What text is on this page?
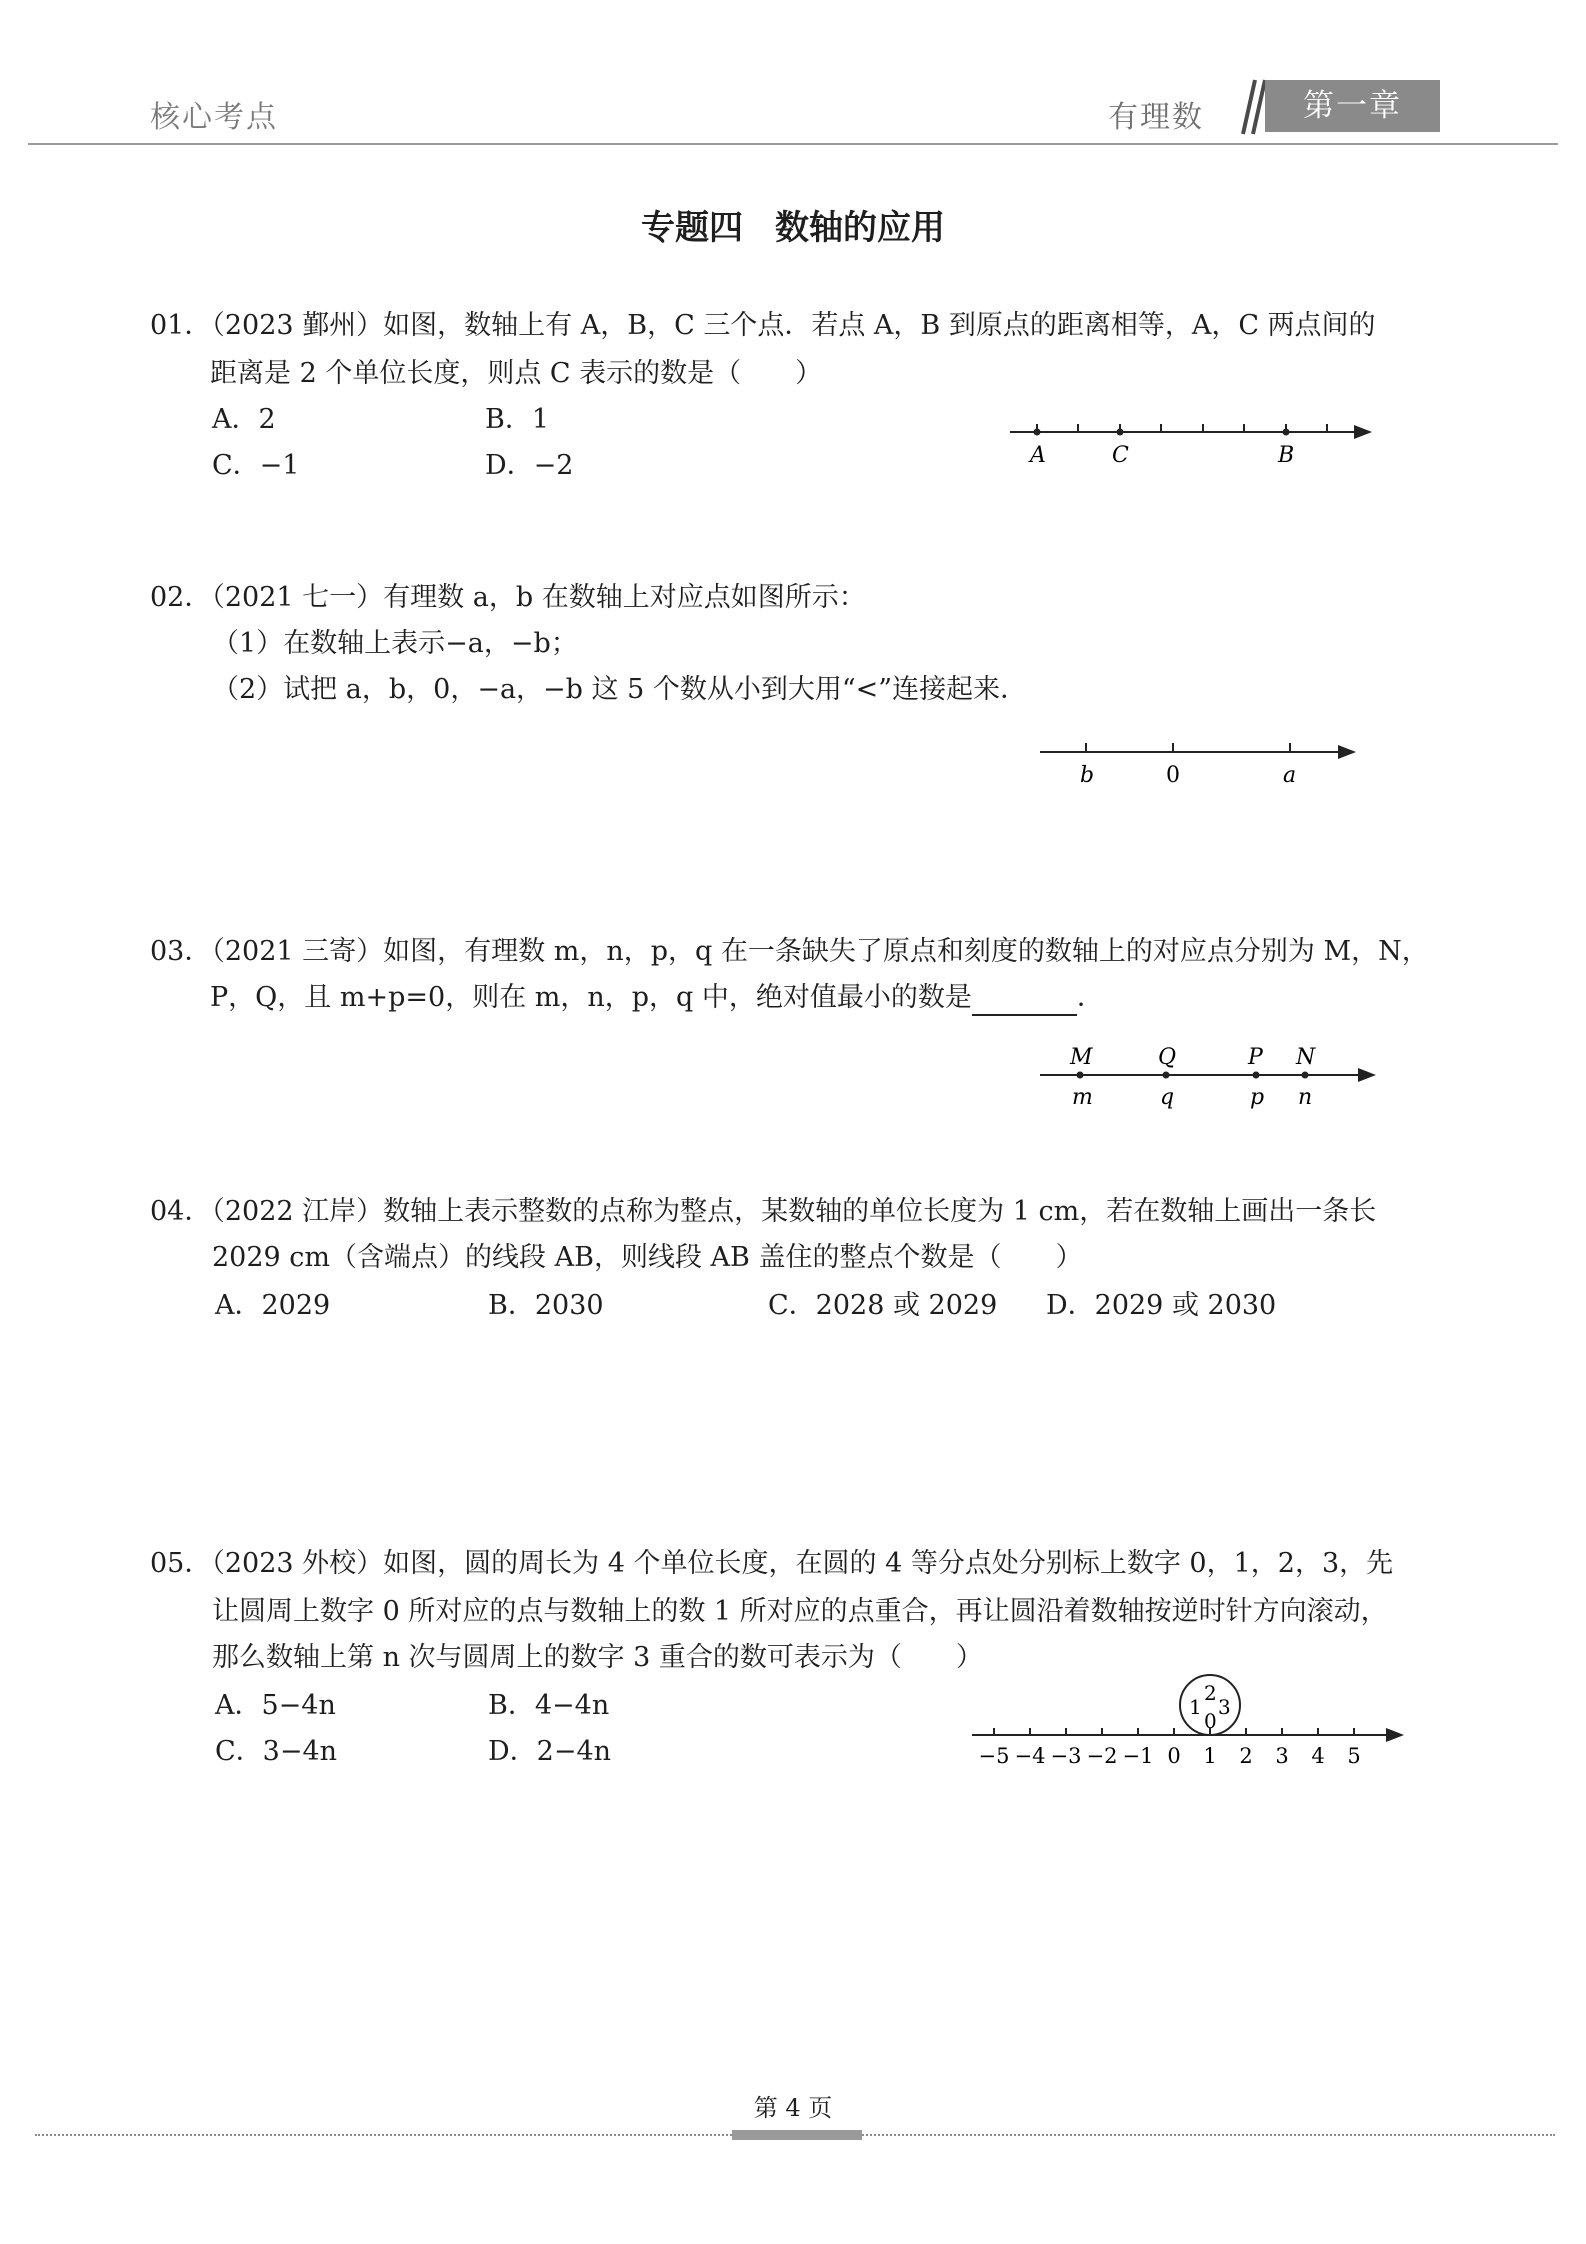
核心考点	有理数	第一章
专题四 数轴的应用
01．（2023 鄞州）如图，数轴上有 A，B，C 三个点．若点 A，B 到原点的距离相等，A，C 两点间的
距离是 2 个单位长度，则点 C 表示的数是（　　）
A．2	B．1
C．−1	D．−2	A	C	B
02．（2021 七一）有理数 a，b 在数轴上对应点如图所示：
（1）在数轴上表示−a，−b；
（2）试把 a，b，0，−a，−b 这 5 个数从小到大用“<”连接起来．
b	0	a
03．（2021 三寄）如图，有理数 m，n，p，q 在一条缺失了原点和刻度的数轴上的对应点分别为 M，N，
P，Q，且 m+p=0，则在 m，n，p，q 中，绝对值最小的数是	．
M	Q	P N
m	q	p n
04．（2022 江岸）数轴上表示整数的点称为整点，某数轴的单位长度为 1 cm，若在数轴上画出一条长
2029 cm（含端点）的线段 AB，则线段 AB 盖住的整点个数是（　　）
A．2029	B．2030	C．2028 或 2029 D．2029 或 2030
05．（2023 外校）如图，圆的周长为 4 个单位长度，在圆的 4 等分点处分别标上数字 0，1，2，3，先
让圆周上数字 0 所对应的点与数轴上的数 1 所对应的点重合，再让圆沿着数轴按逆时针方向滚动，
那么数轴上第 n 次与圆周上的数字 3 重合的数可表示为（　　）
A．5−4n	B．4−4n
C．3−4n	D．2−4n
1
2
3
0
−5 −4 −3 −2 −1 0 1 2 3 4 5
第 4 页
